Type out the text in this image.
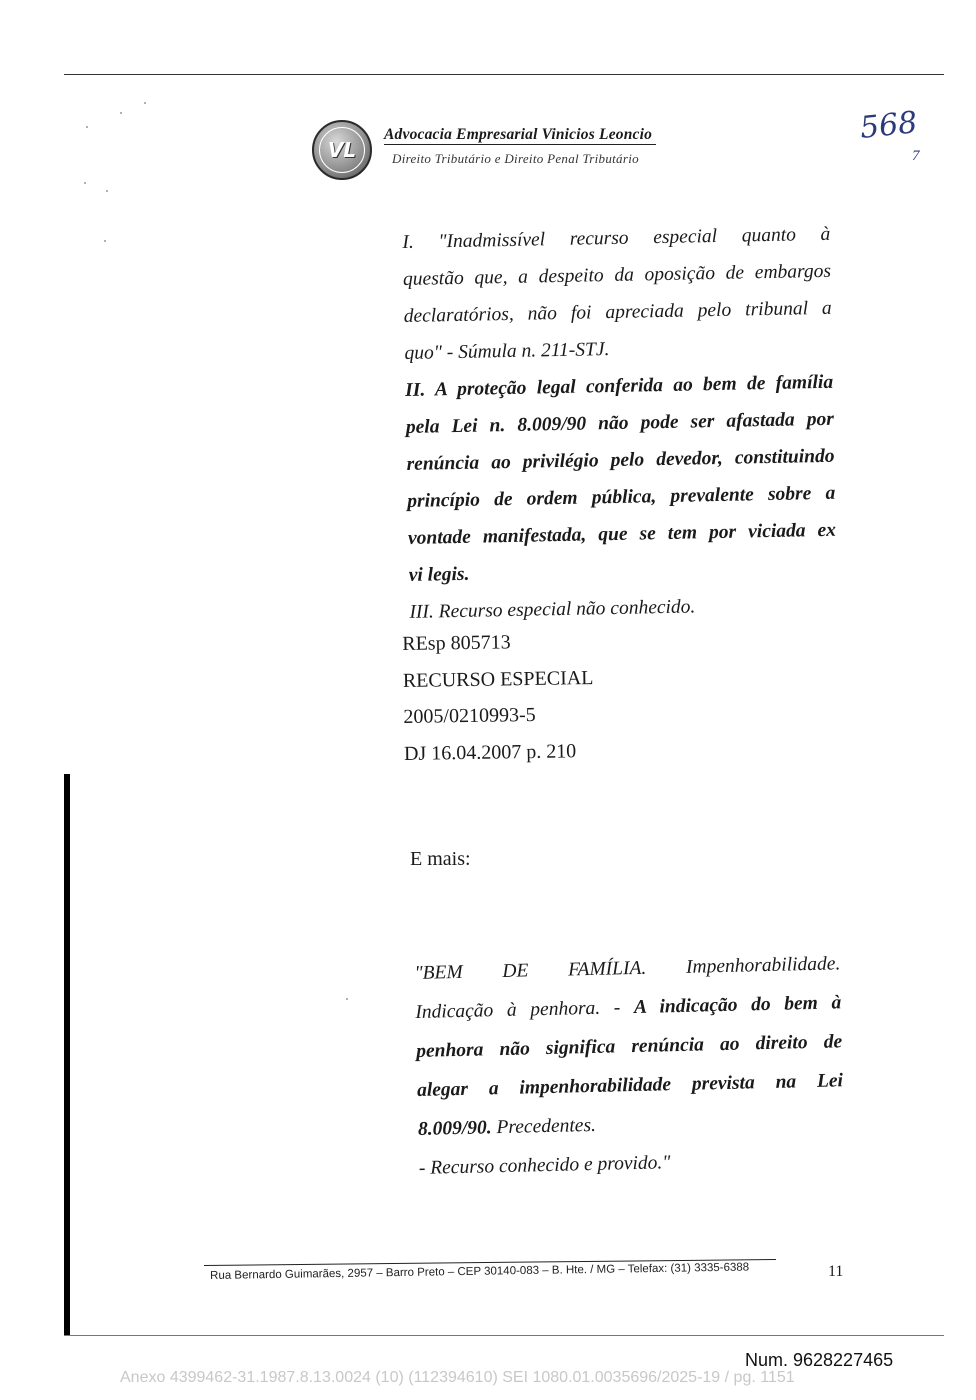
VL
Advocacia Empresarial Vinicios Leoncio
Direito Tributário e Direito Penal Tributário
568
7

I. "Inadmissível recurso especial quanto à

questão que, a despeito da oposição de embargos

declaratórios, não foi apreciada pelo tribunal a

quo" - Súmula n. 211-STJ.

II. A proteção legal conferida ao bem de família

pela Lei n. 8.009/90 não pode ser afastada por

renúncia ao privilégio pelo devedor, constituindo

princípio de ordem pública, prevalente sobre a

vontade manifestada, que se tem por viciada ex

vi legis.

III. Recurso especial não conhecido.

REsp 805713
RECURSO ESPECIAL
2005/0210993-5
DJ 16.04.2007 p. 210
E mais:
"BEM DE FAMÍLIA. Impenhorabilidade.
Indicação à penhora. - A indicação do bem à
penhora não significa renúncia ao direito de
alegar a impenhorabilidade prevista na Lei
8.009/90. Precedentes.
- Recurso conhecido e provido."
Rua Bernardo Guimarães, 2957 – Barro Preto – CEP 30140-083 – B. Hte. / MG – Telefax: (31) 3335-6388	11
Num. 9628227465
Anexo 4399462-31.1987.8.13.0024 (10) (112394610) SEI 1080.01.0035696/2025-19 / pg. 1151
